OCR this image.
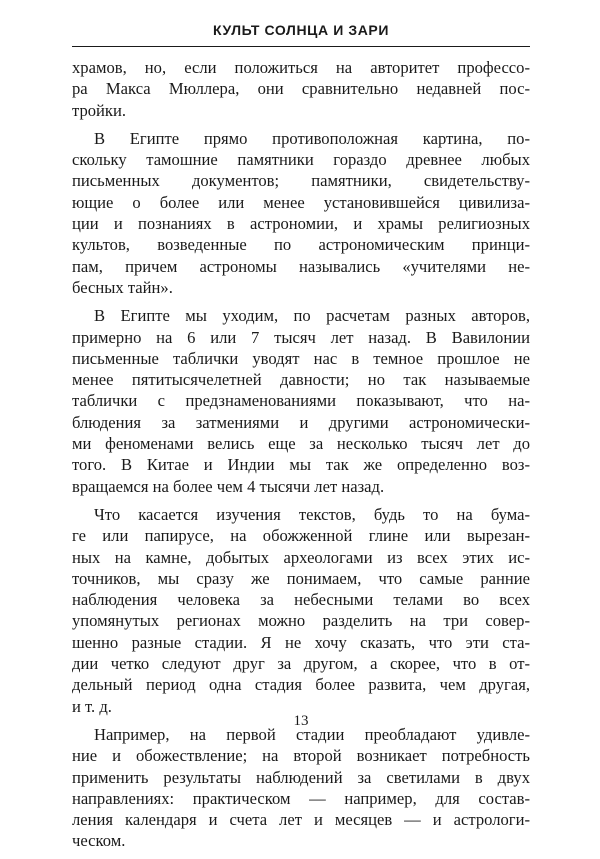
КУЛЬТ СОЛНЦА И ЗАРИ

храмов, но, если положиться на авторитет профессо-
ра Макса Мюллера, они сравнительно недавней пос-
тройки.

В Египте прямо противоположная картина, по-
скольку тамошние памятники гораздо древнее любых
письменных документов; памятники, свидетельству-
ющие о более или менее установившейся цивилиза-
ции и познаниях в астрономии, и храмы религиозных
культов, возведенные по астрономическим принци-
пам, причем астрономы назывались «учителями не-
бесных тайн».

В Египте мы уходим, по расчетам разных авторов,
примерно на 6 или 7 тысяч лет назад. В Вавилонии
письменные таблички уводят нас в темное прошлое не
менее пятитысячелетней давности; но так называемые
таблички с предзнаменованиями показывают, что на-
блюдения за затмениями и другими астрономически-
ми феноменами велись еще за несколько тысяч лет до
того. В Китае и Индии мы так же определенно воз-
вращаемся на более чем 4 тысячи лет назад.

Что касается изучения текстов, будь то на бума-
ге или папирусе, на обожженной глине или вырезан-
ных на камне, добытых археологами из всех этих ис-
точников, мы сразу же понимаем, что самые ранние
наблюдения человека за небесными телами во всех
упомянутых регионах можно разделить на три совер-
шенно разные стадии. Я не хочу сказать, что эти ста-
дии четко следуют друг за другом, а скорее, что в от-
дельный период одна стадия более развита, чем другая,
и т. д.

Например, на первой стадии преобладают удивле-
ние и обожествление; на второй возникает потребность
применить результаты наблюдений за светилами в двух
направлениях: практическом — например, для состав-
ления календаря и счета лет и месяцев — и астрологи-
ческом.

13
